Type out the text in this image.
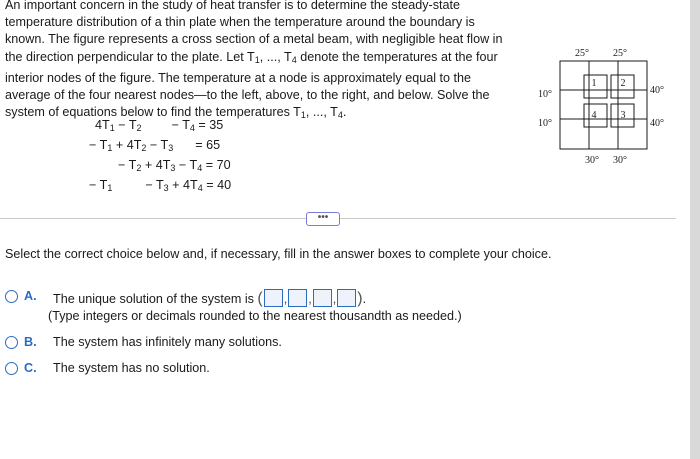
An important concern in the study of heat transfer is to determine the steady-state

temperature distribution of a thin plate when the temperature around the boundary is

known. The figure represents a cross section of a metal beam, with negligible heat flow in

the direction perpendicular to the plate. Let $T_1$, ..., $T_4$ denote the temperatures at the four

interior nodes of the figure. The temperature at a node is approximately equal to the

average of the four nearest nodes—to the left, above, to the right, and below. Solve the

system of equations below to find the temperatures $T_1$, ..., $T_4$.

$4T_1 - T_2 - T_4 = 35$
− $T_1 + 4T_2 - T_3 = 65$
− $T_2 + 4T_3 - T_4 = 70$
− $T_1$	− $T_3 + 4T_4 = 40$
25° 25°
10°
10°
40°
40°
30° 30°
1 2
4 3
•••
Select the correct choice below and, if necessary, fill in the answer boxes to complete your choice.
A.	The unique solution of the system is ( , , , ).
(Type integers or decimals rounded to the nearest thousandth as needed.)
B.	The system has infinitely many solutions.
C.	The system has no solution.
